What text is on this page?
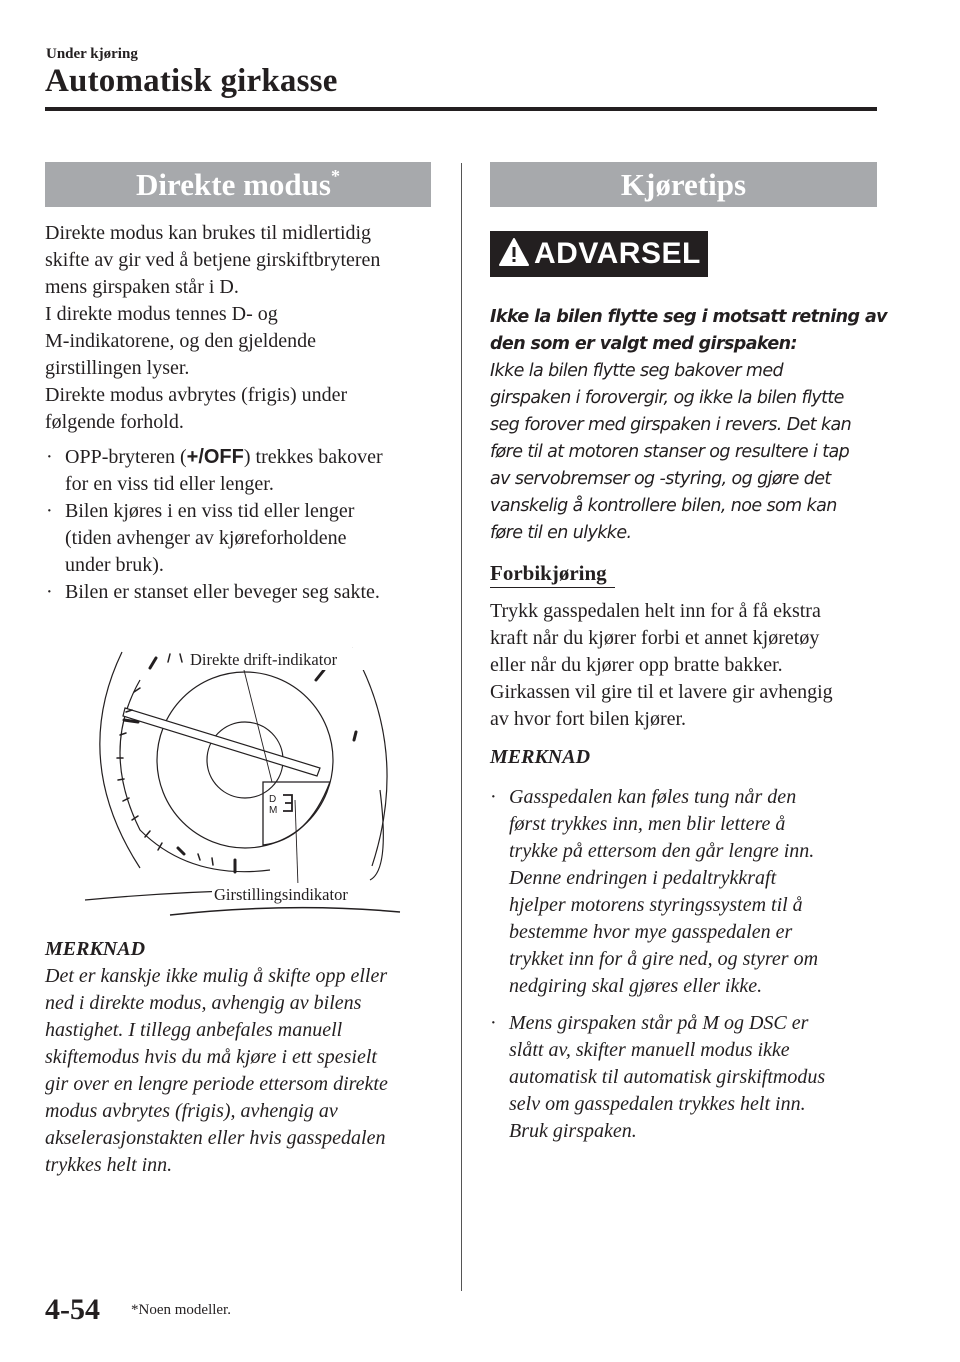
Under kjøring
Automatisk girkasse
Direkte modus*
Direkte modus kan brukes til midlertidig
skifte av gir ved å betjene girskiftbryteren
mens girspaken står i D.
I direkte modus tennes D- og
M-indikatorene, og den gjeldende
girstillingen lyser.
Direkte modus avbrytes (frigis) under
følgende forhold.
· OPP-bryteren (+/OFF) trekkes bakover
for en viss tid eller lenger.
· Bilen kjøres i en viss tid eller lenger
(tiden avhenger av kjøreforholdene
under bruk).
· Bilen er stanset eller beveger seg sakte.
D
M
Direkte drift-indikator
Girstillingsindikator
MERKNAD
Det er kanskje ikke mulig å skifte opp eller
ned i direkte modus, avhengig av bilens
hastighet. I tillegg anbefales manuell
skiftemodus hvis du må kjøre i ett spesielt
gir over en lengre periode ettersom direkte
modus avbrytes (frigis), avhengig av
akselerasjonstakten eller hvis gasspedalen
trykkes helt inn.
Kjøretips
ADVARSEL
Ikke la bilen flytte seg i motsatt retning av
den som er valgt med girspaken:
Ikke la bilen flytte seg bakover med
girspaken i forovergir, og ikke la bilen flytte
seg forover med girspaken i revers. Det kan
føre til at motoren stanser og resultere i tap
av servobremser og -styring, og gjøre det
vanskelig å kontrollere bilen, noe som kan
føre til en ulykke.
Forbikjøring
Trykk gasspedalen helt inn for å få ekstra
kraft når du kjører forbi et annet kjøretøy
eller når du kjører opp bratte bakker.
Girkassen vil gire til et lavere gir avhengig
av hvor fort bilen kjører.
MERKNAD
· Gasspedalen kan føles tung når den
først trykkes inn, men blir lettere å
trykke på ettersom den går lengre inn.
Denne endringen i pedaltrykkraft
hjelper motorens styringssystem til å
bestemme hvor mye gasspedalen er
trykket inn for å gire ned, og styrer om
nedgiring skal gjøres eller ikke.
· Mens girspaken står på M og DSC er
slått av, skifter manuell modus ikke
automatisk til automatisk girskiftmodus
selv om gasspedalen trykkes helt inn.
Bruk girspaken.
4-54 *Noen modeller.
